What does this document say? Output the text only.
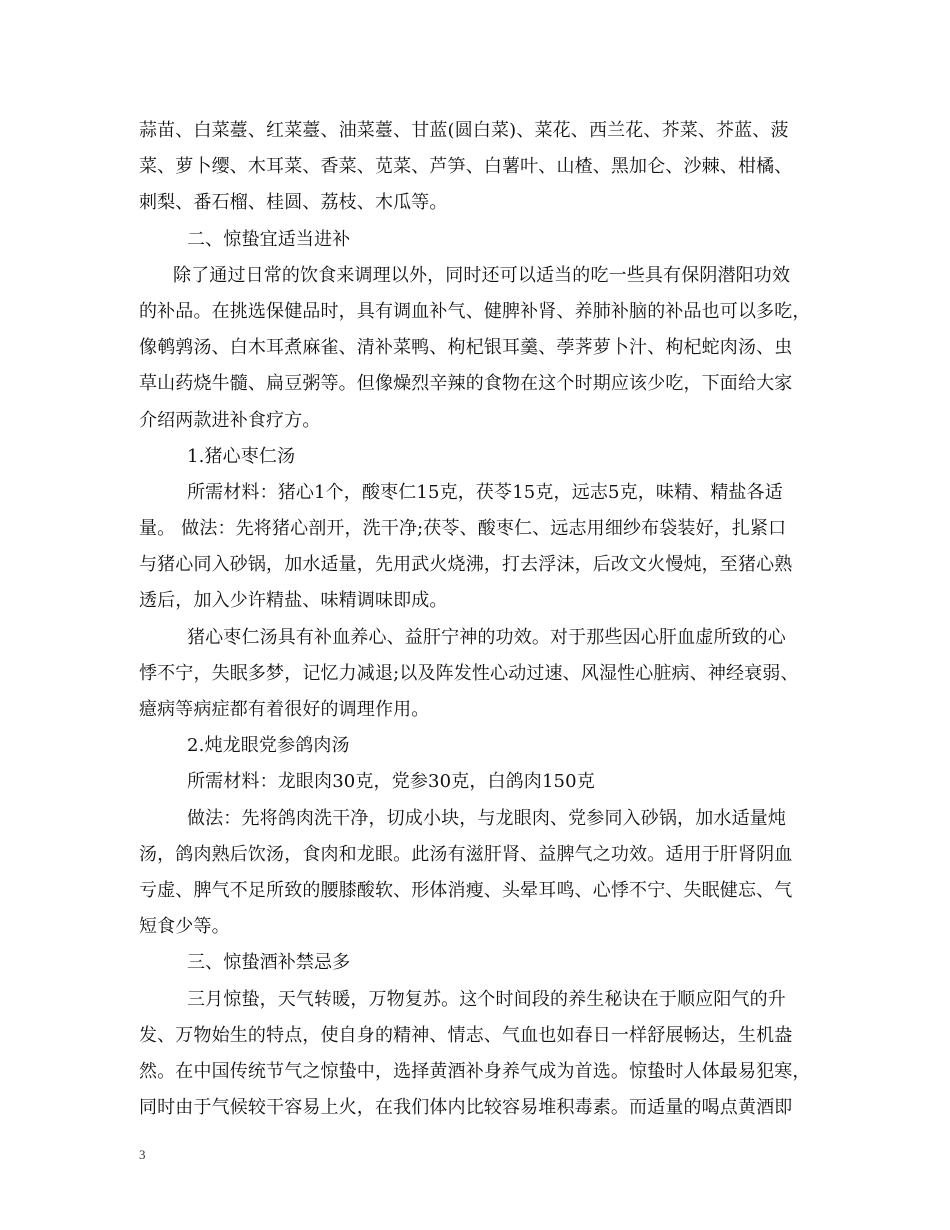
蒜苗、白菜薹、红菜薹、油菜薹、甘蓝(圆白菜)、菜花、西兰花、芥菜、芥蓝、菠
菜、萝卜缨、木耳菜、香菜、苋菜、芦笋、白薯叶、山楂、黑加仑、沙棘、柑橘、
刺梨、番石榴、桂圆、荔枝、木瓜等。
二、惊蛰宜适当进补
除了通过日常的饮食来调理以外，同时还可以适当的吃一些具有保阴潜阳功效
的补品。在挑选保健品时，具有调血补气、健脾补肾、养肺补脑的补品也可以多吃，
像鹌鹑汤、白木耳煮麻雀、清补菜鸭、枸杞银耳羹、荸荠萝卜汁、枸杞蛇肉汤、虫
草山药烧牛髓、扁豆粥等。但像燥烈辛辣的食物在这个时期应该少吃，下面给大家
介绍两款进补食疗方。
1.猪心枣仁汤
所需材料：猪心1个，酸枣仁15克，茯苓15克，远志5克，味精、精盐各适
量。 做法：先将猪心剖开，洗干净;茯苓、酸枣仁、远志用细纱布袋装好，扎紧口
与猪心同入砂锅，加水适量，先用武火烧沸，打去浮沫，后改文火慢炖，至猪心熟
透后，加入少许精盐、味精调味即成。
猪心枣仁汤具有补血养心、益肝宁神的功效。对于那些因心肝血虚所致的心
悸不宁，失眠多梦，记忆力减退;以及阵发性心动过速、风湿性心脏病、神经衰弱、
癔病等病症都有着很好的调理作用。
2.炖龙眼党参鸽肉汤
所需材料：龙眼肉30克，党参30克，白鸽肉150克
做法：先将鸽肉洗干净，切成小块，与龙眼肉、党参同入砂锅，加水适量炖
汤，鸽肉熟后饮汤，食肉和龙眼。此汤有滋肝肾、益脾气之功效。适用于肝肾阴血
亏虚、脾气不足所致的腰膝酸软、形体消瘦、头晕耳鸣、心悸不宁、失眠健忘、气
短食少等。
三、惊蛰酒补禁忌多
三月惊蛰，天气转暖，万物复苏。这个时间段的养生秘诀在于顺应阳气的升
发、万物始生的特点，使自身的精神、情志、气血也如春日一样舒展畅达，生机盎
然。在中国传统节气之惊蛰中，选择黄酒补身养气成为首选。惊蛰时人体最易犯寒，
同时由于气候较干容易上火，在我们体内比较容易堆积毒素。而适量的喝点黄酒即
3
